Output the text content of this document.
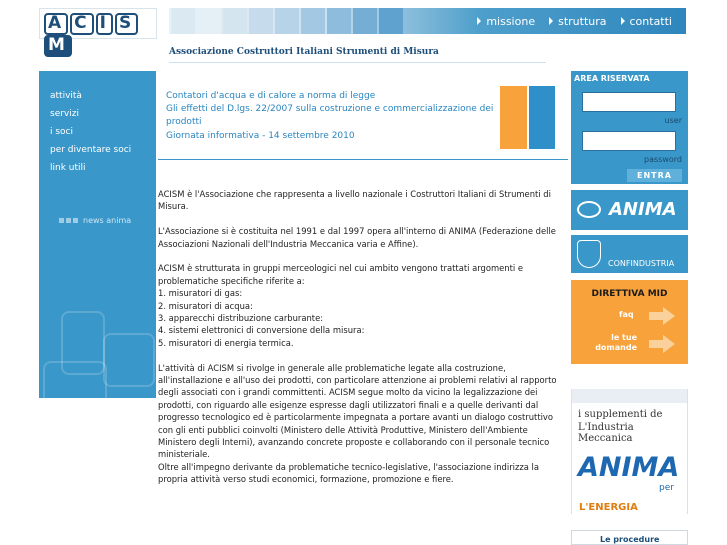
A C I SM
missione struttura contatti
Associazione Costruttori Italiani Strumenti di Misura
attività
servizi
i soci
per diventare soci
link utili
news anima
Contatori d'acqua e di calore a norma di legge
Gli effetti del D.lgs. 22/2007 sulla costruzione e commercializzazione dei
prodotti
Giornata informativa - 14 settembre 2010

ACISM è l'Associazione che rappresenta a livello nazionale i Costruttori Italiani di Strumenti di Misura.

L'Associazione si è costituita nel 1991 e dal 1997 opera all'interno di ANIMA (Federazione delle Associazioni Nazionali dell'Industria Meccanica varia e Affine).

ACISM è strutturata in gruppi merceologici nel cui ambito vengono trattati argomenti e problematiche specifiche riferite a:
1. misuratori di gas:
2. misuratori di acqua:
3. apparecchi distribuzione carburante:
4. sistemi elettronici di conversione della misura:
5. misuratori di energia termica.

L'attività di ACISM si rivolge in generale alle problematiche legate alla costruzione, all'installazione e all'uso dei prodotti, con particolare attenzione ai problemi relativi al rapporto degli associati con i grandi committenti. ACISM segue molto da vicino la legalizzazione dei prodotti, con riguardo alle esigenze espresse dagli utilizzatori finali e a quelle derivanti dal progresso tecnologico ed è particolarmente impegnata a portare avanti un dialogo costruttivo con gli enti pubblici coinvolti (Ministero delle Attività Produttive, Ministero dell'Ambiente Ministero degli Interni), avanzando concrete proposte e collaborando con il personale tecnico ministeriale.
Oltre all'impegno derivante da problematiche tecnico-legislative, l'associazione indirizza la propria attività verso studi economici, formazione, promozione e fiere.

AREA RISERVATA
user
password
ENTRA
ANIMA
CONFINDUSTRIA
DIRETTIVA MID
faq
le tue domande
i supplementi de
L'Industria Meccanica
ANIMA
per
L'ENERGIA
Le procedure
